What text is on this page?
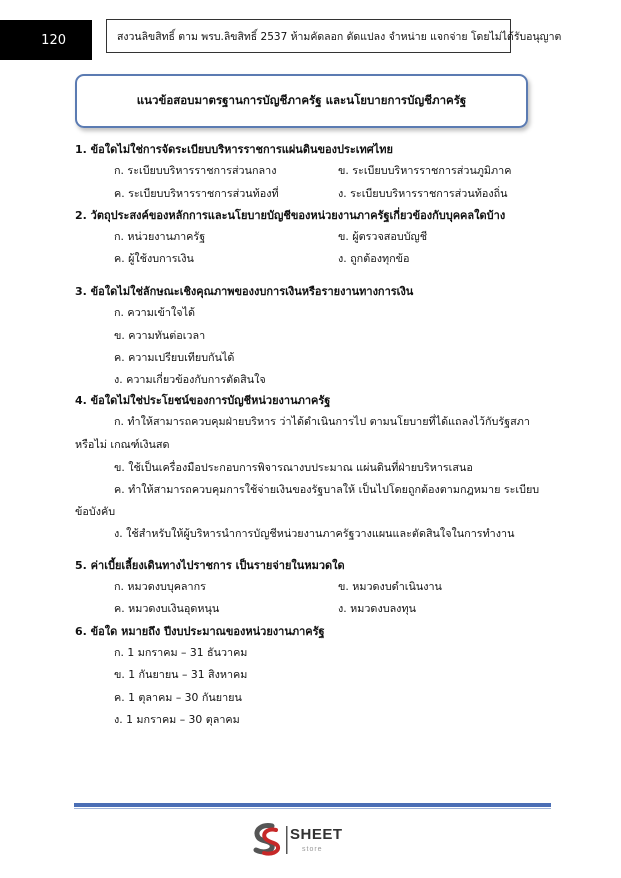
120	สงวนลิขสิทธิ์ ตาม พรบ.ลิขสิทธิ์ 2537 ห้ามคัดลอก ดัดแปลง จำหน่าย แจกจ่าย โดยไม่ได้รับอนุญาต
แนวข้อสอบมาตรฐานการบัญชีภาครัฐ และนโยบายการบัญชีภาครัฐ
1. ข้อใดไม่ใช่การจัดระเบียบบริหารราชการแผ่นดินของประเทศไทย
ก. ระเบียบบริหารราชการส่วนกลาง	ข. ระเบียบบริหารราชการส่วนภูมิภาค
ค. ระเบียบบริหารราชการส่วนท้องที่	ง. ระเบียบบริหารราชการส่วนท้องถิ่น
2. วัตถุประสงค์ของหลักการและนโยบายบัญชีของหน่วยงานภาครัฐเกี่ยวข้องกับบุคคลใดบ้าง
ก. หน่วยงานภาครัฐ	ข. ผู้ตรวจสอบบัญชี
ค. ผู้ใช้งบการเงิน	ง. ถูกต้องทุกข้อ
3. ข้อใดไม่ใช่ลักษณะเชิงคุณภาพของงบการเงินหรือรายงานทางการเงิน
ก. ความเข้าใจได้
ข. ความทันต่อเวลา
ค. ความเปรียบเทียบกันได้
ง. ความเกี่ยวข้องกับการตัดสินใจ
4. ข้อใดไม่ใช่ประโยชน์ของการบัญชีหน่วยงานภาครัฐ
ก. ทำให้สามารถควบคุมฝ่ายบริหาร ว่าได้ดำเนินการไป ตามนโยบายที่ได้แถลงไว้กับรัฐสภา
หรือไม่ เกณฑ์เงินสด
ข. ใช้เป็นเครื่องมือประกอบการพิจารณางบประมาณ แผ่นดินที่ฝ่ายบริหารเสนอ
ค. ทำให้สามารถควบคุมการใช้จ่ายเงินของรัฐบาลให้ เป็นไปโดยถูกต้องตามกฎหมาย ระเบียบ
ข้อบังคับ
ง. ใช้สำหรับให้ผู้บริหารนำการบัญชีหน่วยงานภาครัฐวางแผนและตัดสินใจในการทำงาน
5. ค่าเบี้ยเลี้ยงเดินทางไปราชการ เป็นรายจ่ายในหมวดใด
ก. หมวดงบบุคลากร	ข. หมวดงบดำเนินงาน
ค. หมวดงบเงินอุดหนุน	ง. หมวดงบลงทุน
6. ข้อใด หมายถึง ปีงบประมาณของหน่วยงานภาครัฐ
ก. 1 มกราคม – 31 ธันวาคม
ข. 1 กันยายน – 31 สิงหาคม
ค. 1 ตุลาคม – 30 กันยายน
ง. 1 มกราคม – 30 ตุลาคม
SHEET
store
